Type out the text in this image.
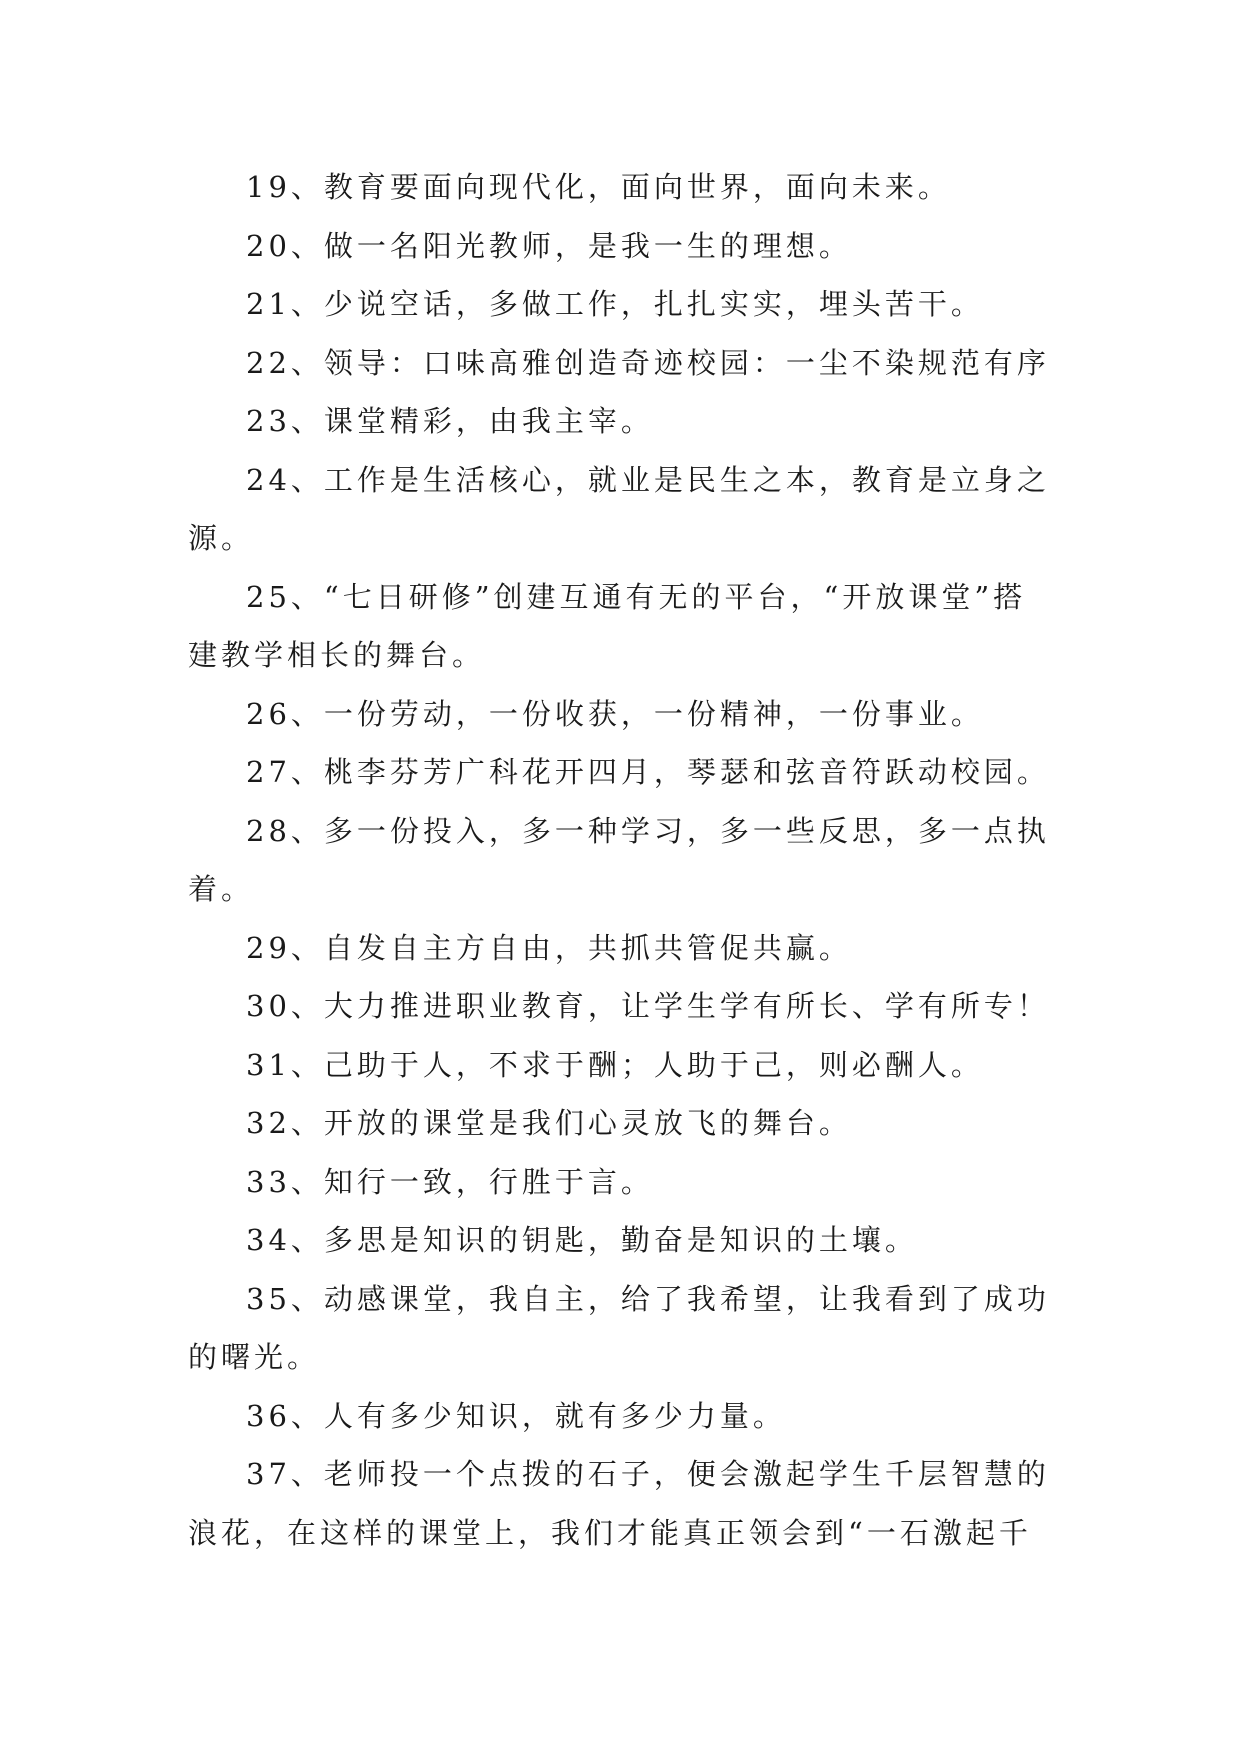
19、教育要面向现代化，面向世界，面向未来。

20、做一名阳光教师，是我一生的理想。

21、少说空话，多做工作，扎扎实实，埋头苦干。

22、领导：口味高雅创造奇迹校园：一尘不染规范有序

23、课堂精彩，由我主宰。

24、工作是生活核心，就业是民生之本，教育是立身之源。

25、“七日研修”创建互通有无的平台，“开放课堂”搭建教学相长的舞台。

26、一份劳动，一份收获，一份精神，一份事业。

27、桃李芬芳广科花开四月，琴瑟和弦音符跃动校园。

28、多一份投入，多一种学习，多一些反思，多一点执着。

29、自发自主方自由，共抓共管促共赢。

30、大力推进职业教育，让学生学有所长、学有所专！

31、己助于人，不求于酬；人助于己，则必酬人。

32、开放的课堂是我们心灵放飞的舞台。

33、知行一致，行胜于言。

34、多思是知识的钥匙，勤奋是知识的土壤。

35、动感课堂，我自主，给了我希望，让我看到了成功的曙光。

36、人有多少知识，就有多少力量。

37、老师投一个点拨的石子，便会激起学生千层智慧的浪花，在这样的课堂上，我们才能真正领会到“一石激起千
